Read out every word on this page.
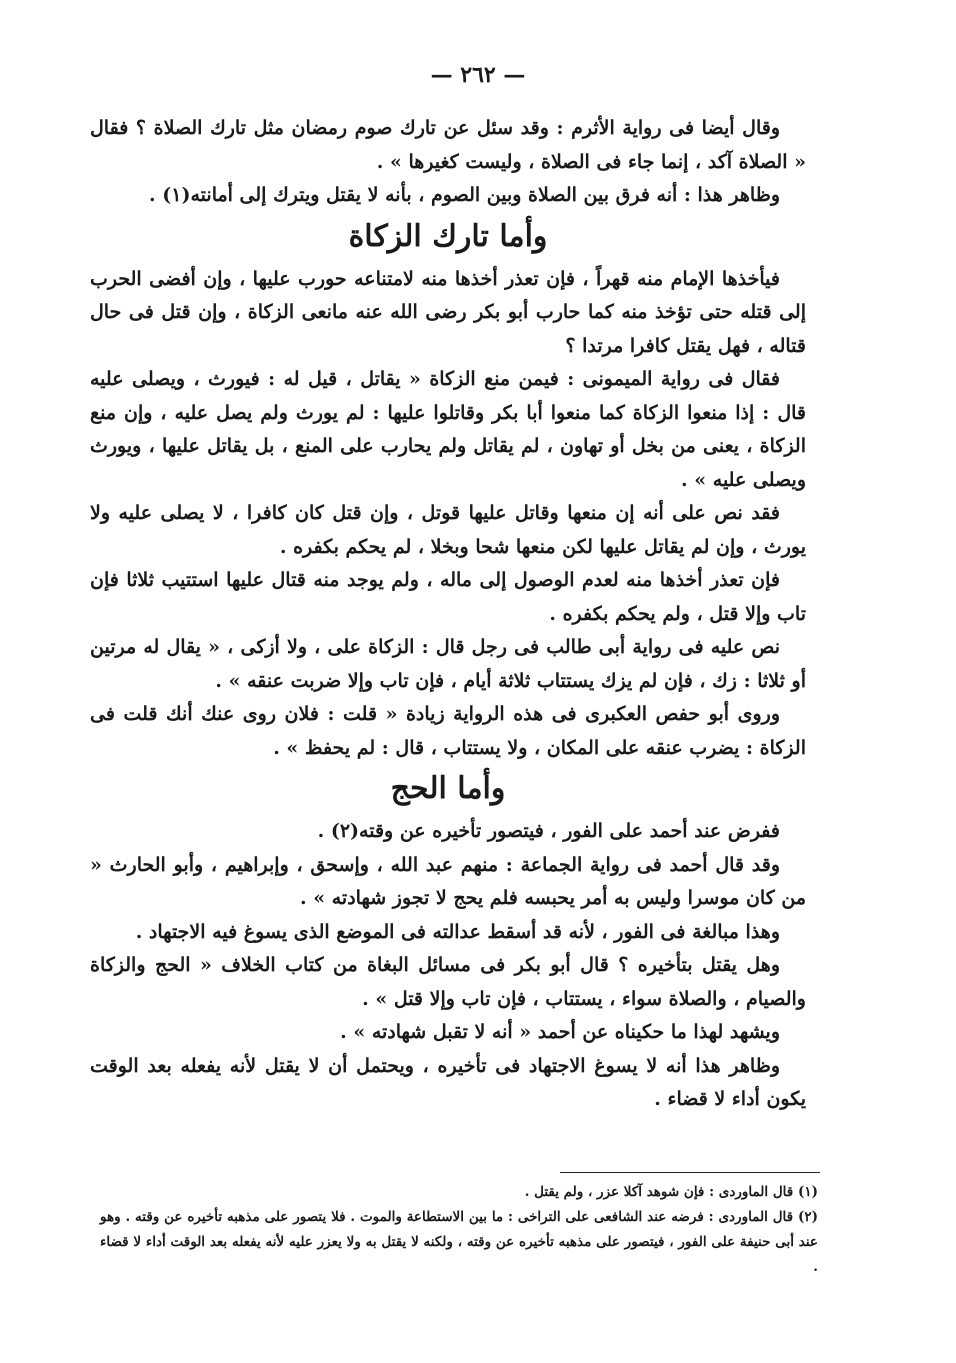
— ٢٦٢ —

وقال أيضا فى رواية الأثرم : وقد سئل عن تارك صوم رمضان مثل تارك الصلاة ؟ فقال « الصلاة آكد ، إنما جاء فى الصلاة ، وليست كغيرها » .

وظاهر هذا : أنه فرق بين الصلاة وبين الصوم ، بأنه لا يقتل ويترك إلى أمانته(١) .

وأما تارك الزكاة

فيأخذها الإمام منه قهراً ، فإن تعذر أخذها منه لامتناعه حورب عليها ، وإن أفضى الحرب إلى قتله حتى تؤخذ منه كما حارب أبو بكر رضى الله عنه مانعى الزكاة ، وإن قتل فى حال قتاله ، فهل يقتل كافرا مرتدا ؟

فقال فى رواية الميمونى : فيمن منع الزكاة « يقاتل ، قيل له : فيورث ، ويصلى عليه قال : إذا منعوا الزكاة كما منعوا أبا بكر وقاتلوا عليها : لم يورث ولم يصل عليه ، وإن منع الزكاة ، يعنى من بخل أو تهاون ، لم يقاتل ولم يحارب على المنع ، بل يقاتل عليها ، ويورث ويصلى عليه » .

فقد نص على أنه إن منعها وقاتل عليها قوتل ، وإن قتل كان كافرا ، لا يصلى عليه ولا يورث ، وإن لم يقاتل عليها لكن منعها شحا وبخلا ، لم يحكم بكفره .

فإن تعذر أخذها منه لعدم الوصول إلى ماله ، ولم يوجد منه قتال عليها استتيب ثلاثا فإن تاب وإلا قتل ، ولم يحكم بكفره .

نص عليه فى رواية أبى طالب فى رجل قال : الزكاة على ، ولا أزكى ، « يقال له مرتين أو ثلاثا : زك ، فإن لم يزك يستتاب ثلاثة أيام ، فإن تاب وإلا ضربت عنقه » .

وروى أبو حفص العكبرى فى هذه الرواية زيادة « قلت : فلان روى عنك أنك قلت فى الزكاة : يضرب عنقه على المكان ، ولا يستتاب ، قال : لم يحفظ » .

وأما الحج

ففرض عند أحمد على الفور ، فيتصور تأخيره عن وقته(٢) .

وقد قال أحمد فى رواية الجماعة : منهم عبد الله ، وإسحق ، وإبراهيم ، وأبو الحارث « من كان موسرا وليس به أمر يحبسه فلم يحج لا تجوز شهادته » .

وهذا مبالغة فى الفور ، لأنه قد أسقط عدالته فى الموضع الذى يسوغ فيه الاجتهاد .

وهل يقتل بتأخيره ؟ قال أبو بكر فى مسائل البغاة من كتاب الخلاف « الحج والزكاة والصيام ، والصلاة سواء ، يستتاب ، فإن تاب وإلا قتل » .

ويشهد لهذا ما حكيناه عن أحمد « أنه لا تقبل شهادته » .

وظاهر هذا أنه لا يسوغ الاجتهاد فى تأخيره ، ويحتمل أن لا يقتل لأنه يفعله بعد الوقت يكون أداء لا قضاء .

(١) قال الماوردى : فإن شوهد آكلا عزر ، ولم يقتل .

(٢) قال الماوردى : فرضه عند الشافعى على التراخى : ما بين الاستطاعة والموت . فلا يتصور على مذهبه تأخيره عن وقته . وهو عند أبى حنيفة على الفور ، فيتصور على مذهبه تأخيره عن وقته ، ولكنه لا يقتل به ولا يعزر عليه لأنه يفعله بعد الوقت أداء لا قضاء .
